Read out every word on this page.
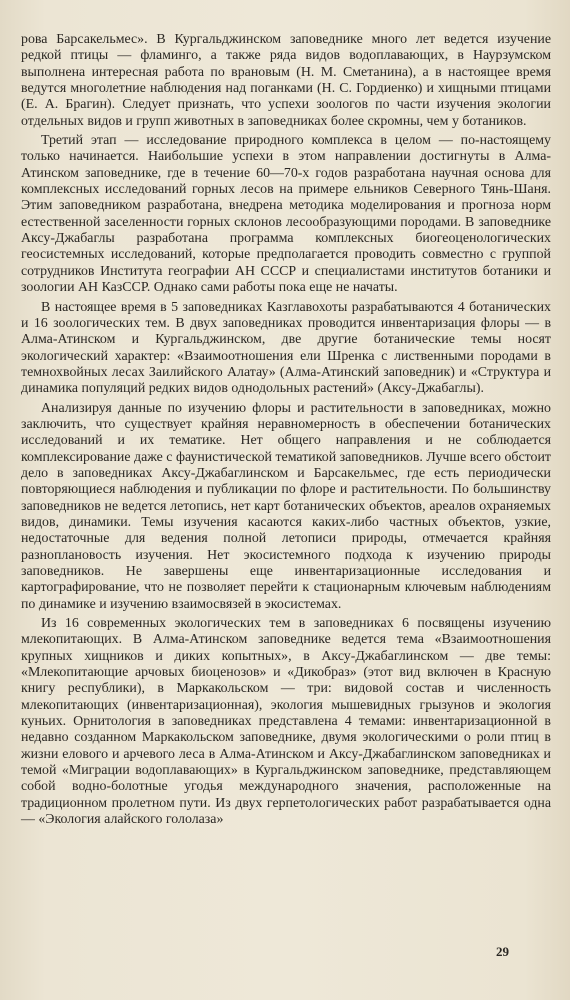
рова Барсакельмес». В Кургальджинском заповеднике много лет ведется изучение редкой птицы — фламинго, а также ряда видов водоплавающих, в Наурзумском выполнена интересная работа по врановым (Н. М. Сметанина), а в настоящее время ведутся многолетние наблюдения над поганками (Н. С. Гордиенко) и хищными птицами (Е. А. Брагин). Следует признать, что успехи зоологов по части изучения экологии отдельных видов и групп животных в заповедниках более скромны, чем у ботаников.

Третий этап — исследование природного комплекса в целом — по-настоящему только начинается. Наибольшие успехи в этом направлении достигнуты в Алма-Атинском заповеднике, где в течение 60—70-х годов разработана научная основа для комплексных исследований горных лесов на примере ельников Северного Тянь-Шаня. Этим заповедником разработана, внедрена методика моделирования и прогноза норм естественной заселенности горных склонов лесообразующими породами. В заповеднике Аксу-Джабаглы разработана программа комплексных биогеоценологических геосистемных исследований, которые предполагается проводить совместно с группой сотрудников Института географии АН СССР и специалистами институтов ботаники и зоологии АН КазССР. Однако сами работы пока еще не начаты.

В настоящее время в 5 заповедниках Казглавохоты разрабатываются 4 ботанических и 16 зоологических тем. В двух заповедниках проводится инвентаризация флоры — в Алма-Атинском и Кургальджинском, две другие ботанические темы носят экологический характер: «Взаимоотношения ели Шренка с лиственными породами в темнохвойных лесах Заилийского Алатау» (Алма-Атинский заповедник) и «Структура и динамика популяций редких видов однодольных растений» (Аксу-Джабаглы).

Анализируя данные по изучению флоры и растительности в заповедниках, можно заключить, что существует крайняя неравномерность в обеспечении ботанических исследований и их тематике. Нет общего направления и не соблюдается комплексирование даже с фаунистической тематикой заповедников. Лучше всего обстоит дело в заповедниках Аксу-Джабаглинском и Барсакельмес, где есть периодически повторяющиеся наблюдения и публикации по флоре и растительности. По большинству заповедников не ведется летопись, нет карт ботанических объектов, ареалов охраняемых видов, динамики. Темы изучения касаются каких-либо частных объектов, узкие, недостаточные для ведения полной летописи природы, отмечается крайняя разноплановость изучения. Нет экосистемного подхода к изучению природы заповедников. Не завершены еще инвентаризационные исследования и картографирование, что не позволяет перейти к стационарным ключевым наблюдениям по динамике и изучению взаимосвязей в экосистемах.

Из 16 современных экологических тем в заповедниках 6 посвящены изучению млекопитающих. В Алма-Атинском заповеднике ведется тема «Взаимоотношения крупных хищников и диких копытных», в Аксу-Джабаглинском — две темы: «Млекопитающие арчовых биоценозов» и «Дикобраз» (этот вид включен в Красную книгу республики), в Маркакольском — три: видовой состав и численность млекопитающих (инвентаризационная), экология мышевидных грызунов и экология куньих. Орнитология в заповедниках представлена 4 темами: инвентаризационной в недавно созданном Маркакольском заповеднике, двумя экологическими о роли птиц в жизни елового и арчевого леса в Алма-Атинском и Аксу-Джабаглинском заповедниках и темой «Миграции водоплавающих» в Кургальджинском заповеднике, представляющем собой водно-болотные угодья международного значения, расположенные на традиционном пролетном пути. Из двух герпетологических работ разрабатывается одна — «Экология алайского гололаза»

29
